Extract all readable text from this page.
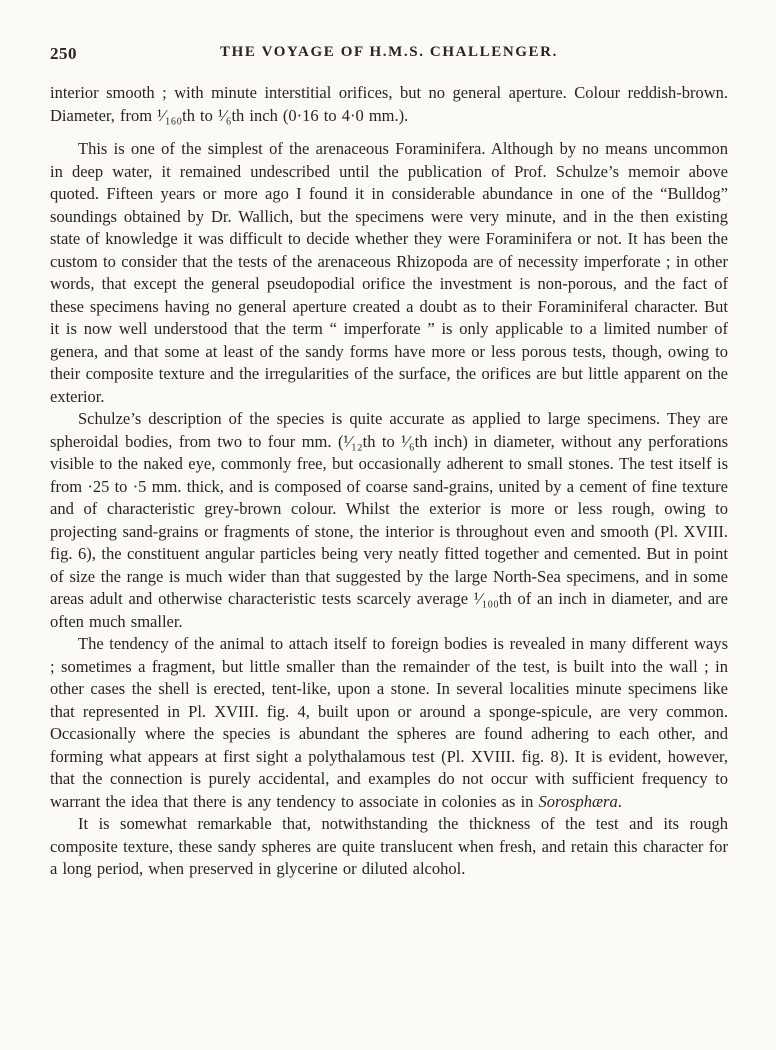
250	THE VOYAGE OF H.M.S. CHALLENGER.

interior smooth ; with minute interstitial orifices, but no general aperture. Colour reddish-brown. Diameter, from ¹⁄₁₆₀th to ¹⁄₆th inch (0·16 to 4·0 mm.).

This is one of the simplest of the arenaceous Foraminifera. Although by no means uncommon in deep water, it remained undescribed until the publication of Prof. Schulze’s memoir above quoted. Fifteen years or more ago I found it in considerable abundance in one of the “Bulldog” soundings obtained by Dr. Wallich, but the specimens were very minute, and in the then existing state of knowledge it was difficult to decide whether they were Foraminifera or not. It has been the custom to consider that the tests of the arenaceous Rhizopoda are of necessity imperforate ; in other words, that except the general pseudopodial orifice the investment is non-porous, and the fact of these specimens having no general aperture created a doubt as to their Foraminiferal character. But it is now well understood that the term “ imperforate ” is only applicable to a limited number of genera, and that some at least of the sandy forms have more or less porous tests, though, owing to their composite texture and the irregularities of the surface, the orifices are but little apparent on the exterior.

Schulze’s description of the species is quite accurate as applied to large specimens. They are spheroidal bodies, from two to four mm. (¹⁄₁₂th to ¹⁄₆th inch) in diameter, without any perforations visible to the naked eye, commonly free, but occasionally adherent to small stones. The test itself is from ·25 to ·5 mm. thick, and is composed of coarse sand-grains, united by a cement of fine texture and of characteristic grey-brown colour. Whilst the exterior is more or less rough, owing to projecting sand-grains or fragments of stone, the interior is throughout even and smooth (Pl. XVIII. fig. 6), the constituent angular particles being very neatly fitted together and cemented. But in point of size the range is much wider than that suggested by the large North-Sea specimens, and in some areas adult and otherwise characteristic tests scarcely average ¹⁄₁₀₀th of an inch in diameter, and are often much smaller.

The tendency of the animal to attach itself to foreign bodies is revealed in many different ways ; sometimes a fragment, but little smaller than the remainder of the test, is built into the wall ; in other cases the shell is erected, tent-like, upon a stone. In several localities minute specimens like that represented in Pl. XVIII. fig. 4, built upon or around a sponge-spicule, are very common. Occasionally where the species is abundant the spheres are found adhering to each other, and forming what appears at first sight a polythalamous test (Pl. XVIII. fig. 8). It is evident, however, that the connection is purely accidental, and examples do not occur with sufficient frequency to warrant the idea that there is any tendency to associate in colonies as in Sorosphæra.

It is somewhat remarkable that, notwithstanding the thickness of the test and its rough composite texture, these sandy spheres are quite translucent when fresh, and retain this character for a long period, when preserved in glycerine or diluted alcohol.
